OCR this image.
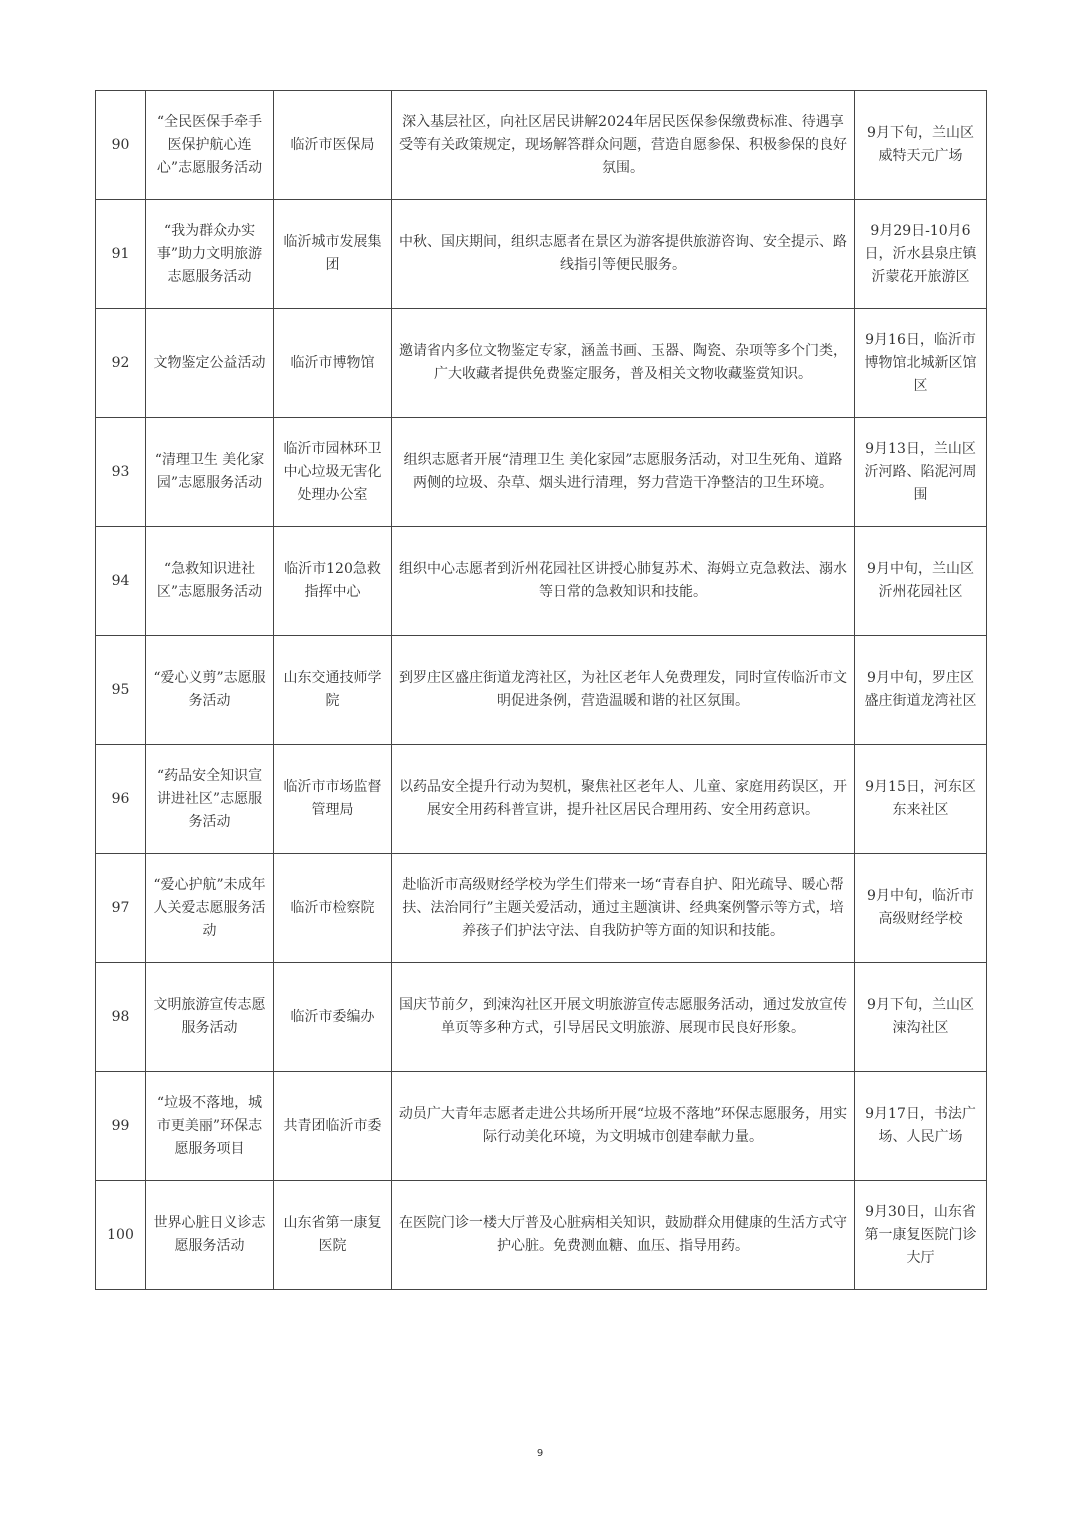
90	“全民医保手牵手 医保护航心连心”志愿服务活动	临沂市医保局	深入基层社区，向社区居民讲解2024年居民医保参保缴费标准、待遇享受等有关政策规定，现场解答群众问题，营造自愿参保、积极参保的良好氛围。	9月下旬，兰山区威特天元广场
91	“我为群众办实事”助力文明旅游志愿服务活动	临沂城市发展集团	中秋、国庆期间，组织志愿者在景区为游客提供旅游咨询、安全提示、路线指引等便民服务。	9月29日-10月6日，沂水县泉庄镇沂蒙花开旅游区
92	文物鉴定公益活动	临沂市博物馆	邀请省内多位文物鉴定专家，涵盖书画、玉器、陶瓷、杂项等多个门类，广大收藏者提供免费鉴定服务，普及相关文物收藏鉴赏知识。	9月16日，临沂市博物馆北城新区馆区
93	“清理卫生 美化家园”志愿服务活动	临沂市园林环卫中心垃圾无害化处理办公室	组织志愿者开展“清理卫生 美化家园”志愿服务活动，对卫生死角、道路两侧的垃圾、杂草、烟头进行清理，努力营造干净整洁的卫生环境。	9月13日，兰山区沂河路、陷泥河周围
94	“急救知识进社区”志愿服务活动	临沂市120急救指挥中心	组织中心志愿者到沂州花园社区讲授心肺复苏术、海姆立克急救法、溺水等日常的急救知识和技能。	9月中旬，兰山区沂州花园社区
95	“爱心义剪”志愿服务活动	山东交通技师学院	到罗庄区盛庄街道龙湾社区，为社区老年人免费理发，同时宣传临沂市文明促进条例，营造温暖和谐的社区氛围。	9月中旬，罗庄区盛庄街道龙湾社区
96	“药品安全知识宣讲进社区”志愿服务活动	临沂市市场监督管理局	以药品安全提升行动为契机，聚焦社区老年人、儿童、家庭用药误区，开展安全用药科普宣讲，提升社区居民合理用药、安全用药意识。	9月15日，河东区东来社区
97	“爱心护航”未成年人关爱志愿服务活动	临沂市检察院	赴临沂市高级财经学校为学生们带来一场“青春自护、阳光疏导、暖心帮扶、法治同行”主题关爱活动，通过主题演讲、经典案例警示等方式，培养孩子们护法守法、自我防护等方面的知识和技能。	9月中旬，临沂市高级财经学校
98	文明旅游宣传志愿服务活动	临沂市委编办	国庆节前夕，到涑沟社区开展文明旅游宣传志愿服务活动，通过发放宣传单页等多种方式，引导居民文明旅游、展现市民良好形象。	9月下旬，兰山区涑沟社区
99	“垃圾不落地，城市更美丽”环保志愿服务项目	共青团临沂市委	动员广大青年志愿者走进公共场所开展“垃圾不落地”环保志愿服务，用实际行动美化环境，为文明城市创建奉献力量。	9月17日，书法广场、人民广场
100	世界心脏日义诊志愿服务活动	山东省第一康复医院	在医院门诊一楼大厅普及心脏病相关知识，鼓励群众用健康的生活方式守护心脏。免费测血糖、血压、指导用药。	9月30日，山东省第一康复医院门诊大厅
9
